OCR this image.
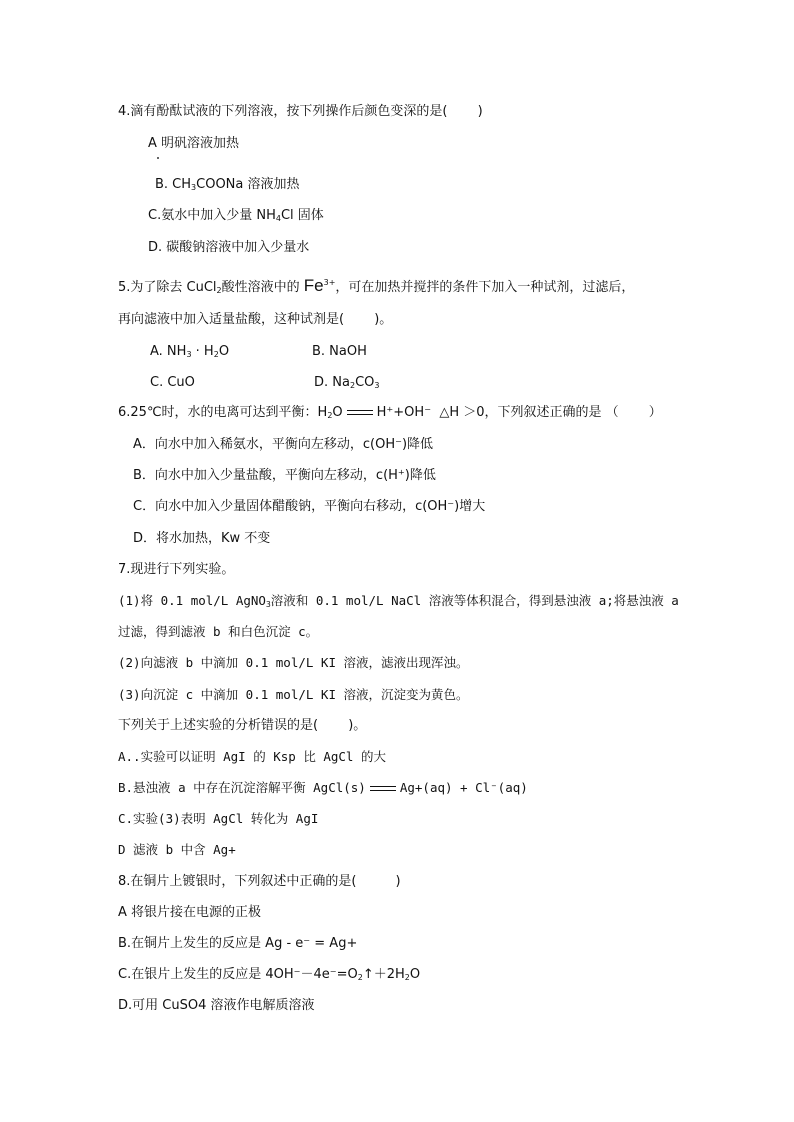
4.滴有酚酞试液的下列溶液，按下列操作后颜色变深的是(　　 )
A 明矾溶液加热
B. $CH_3COONa$ 溶液加热
C.氨水中加入少量 $NH_4Cl$ 固体
D. 碳酸钠溶液中加入少量水
5.为了除去 CuCl$_2$酸性溶液中的 $Fe^{3+}$，可在加热并搅拌的条件下加入一种试剂，过滤后，
再向滤液中加入适量盐酸，这种试剂是(　　 )。
A. $NH_3 \cdot H_2O$	B. NaOH
C. CuO	D. $Na_2CO_3$
6.25℃时，水的电离可达到平衡：$H_2O$	H⁺+OH⁻ △H ＞0，下列叙述正确的是 （　　 ）
A．向水中加入稀氨水，平衡向左移动，c(OH⁻)降低
B．向水中加入少量盐酸，平衡向左移动，c(H⁺)降低
C．向水中加入少量固体醋酸钠，平衡向右移动，c(OH⁻)增大
D．将水加热，Kw 不变
7.现进行下列实验。
(1)将 0.1 mol/L AgNO$_3$溶液和 0.1 mol/L NaCl 溶液等体积混合，得到悬浊液 a;将悬浊液 a
过滤，得到滤液 b 和白色沉淀 c。
(2)向滤液 b 中滴加 0.1 mol/L KI 溶液，滤液出现浑浊。
(3)向沉淀 c 中滴加 0.1 mol/L KI 溶液，沉淀变为黄色。
下列关于上述实验的分析错误的是(　　 )。
A..实验可以证明 AgI 的 Ksp 比 AgCl 的大
B.悬浊液 a 中存在沉淀溶解平衡 AgCl(s)	Ag+(aq) + Cl⁻(aq)
C.实验(3)表明 AgCl 转化为 AgI
D 滤液 b 中含 Ag+
8.在铜片上镀银时，下列叙述中正确的是(　　　)
A 将银片接在电源的正极
B.在铜片上发生的反应是 Ag - e⁻ = Ag+
C.在银片上发生的反应是 $4OH^--4e^-=O_2↑+2H_2O$
D.可用 CuSO4 溶液作电解质溶液
